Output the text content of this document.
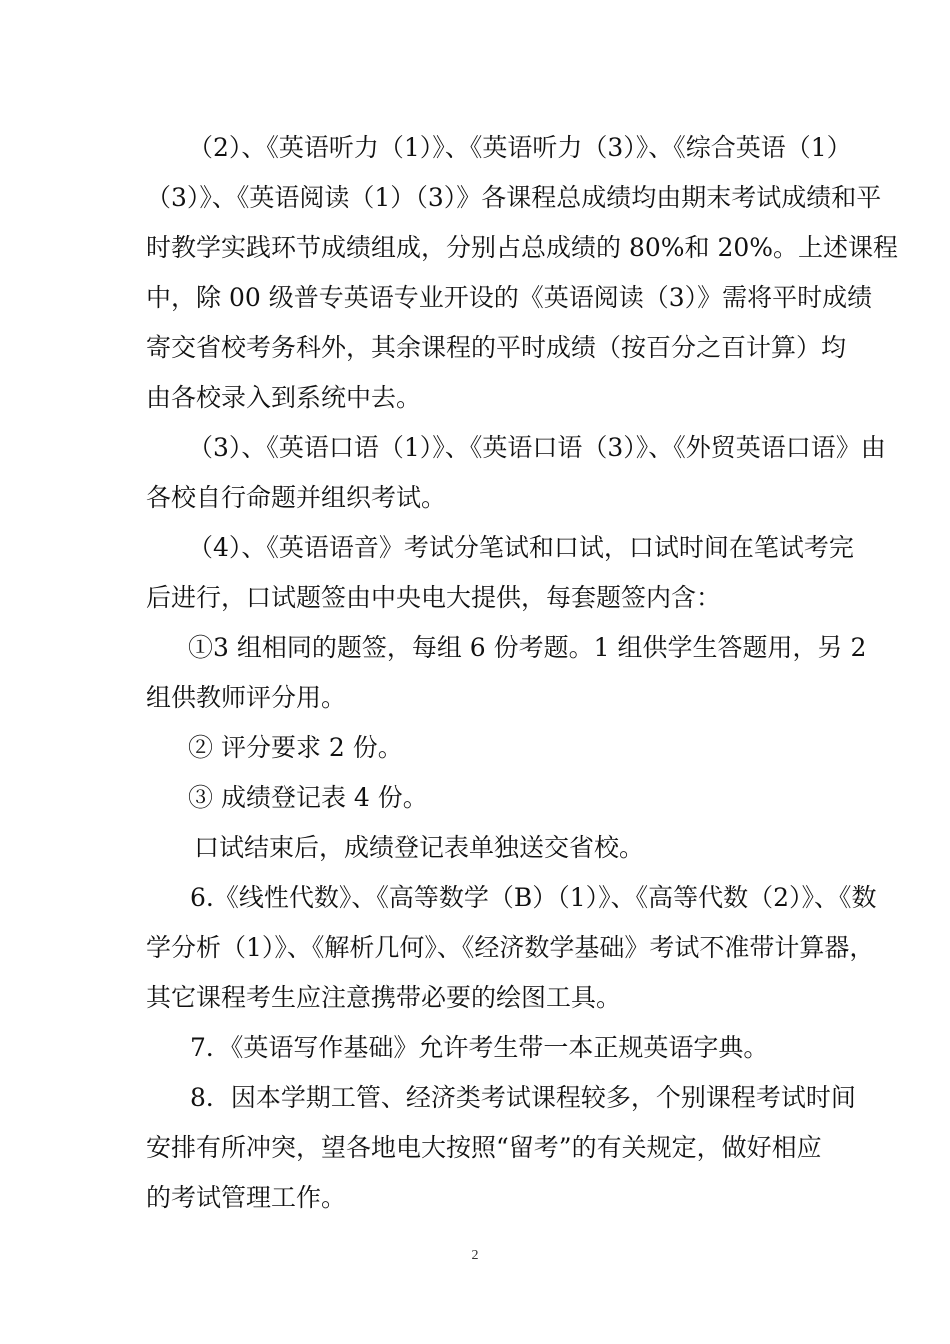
（2）、《英语听力（1）》、《英语听力（3）》、《综合英语（1）
（3）》、《英语阅读（1）（3）》各课程总成绩均由期末考试成绩和平
时教学实践环节成绩组成，分别占总成绩的 80%和 20%。上述课程
中，除 00 级普专英语专业开设的《英语阅读（3）》需将平时成绩
寄交省校考务科外，其余课程的平时成绩（按百分之百计算）均
由各校录入到系统中去。
（3）、《英语口语（1）》、《英语口语（3）》、《外贸英语口语》由
各校自行命题并组织考试。
（4）、《英语语音》考试分笔试和口试，口试时间在笔试考完
后进行，口试题签由中央电大提供，每套题签内含：
①3 组相同的题签，每组 6 份考题。1 组供学生答题用，另 2
组供教师评分用。
② 评分要求 2 份。
③ 成绩登记表 4 份。
口试结束后，成绩登记表单独送交省校。
6.《线性代数》、《高等数学（B）（1）》、《高等代数（2）》、《数
学分析（1）》、《解析几何》、《经济数学基础》考试不准带计算器，
其它课程考生应注意携带必要的绘图工具。
7．《英语写作基础》允许考生带一本正规英语字典。
8．因本学期工管、经济类考试课程较多，个别课程考试时间
安排有所冲突，望各地电大按照“留考”的有关规定，做好相应
的考试管理工作。
2
